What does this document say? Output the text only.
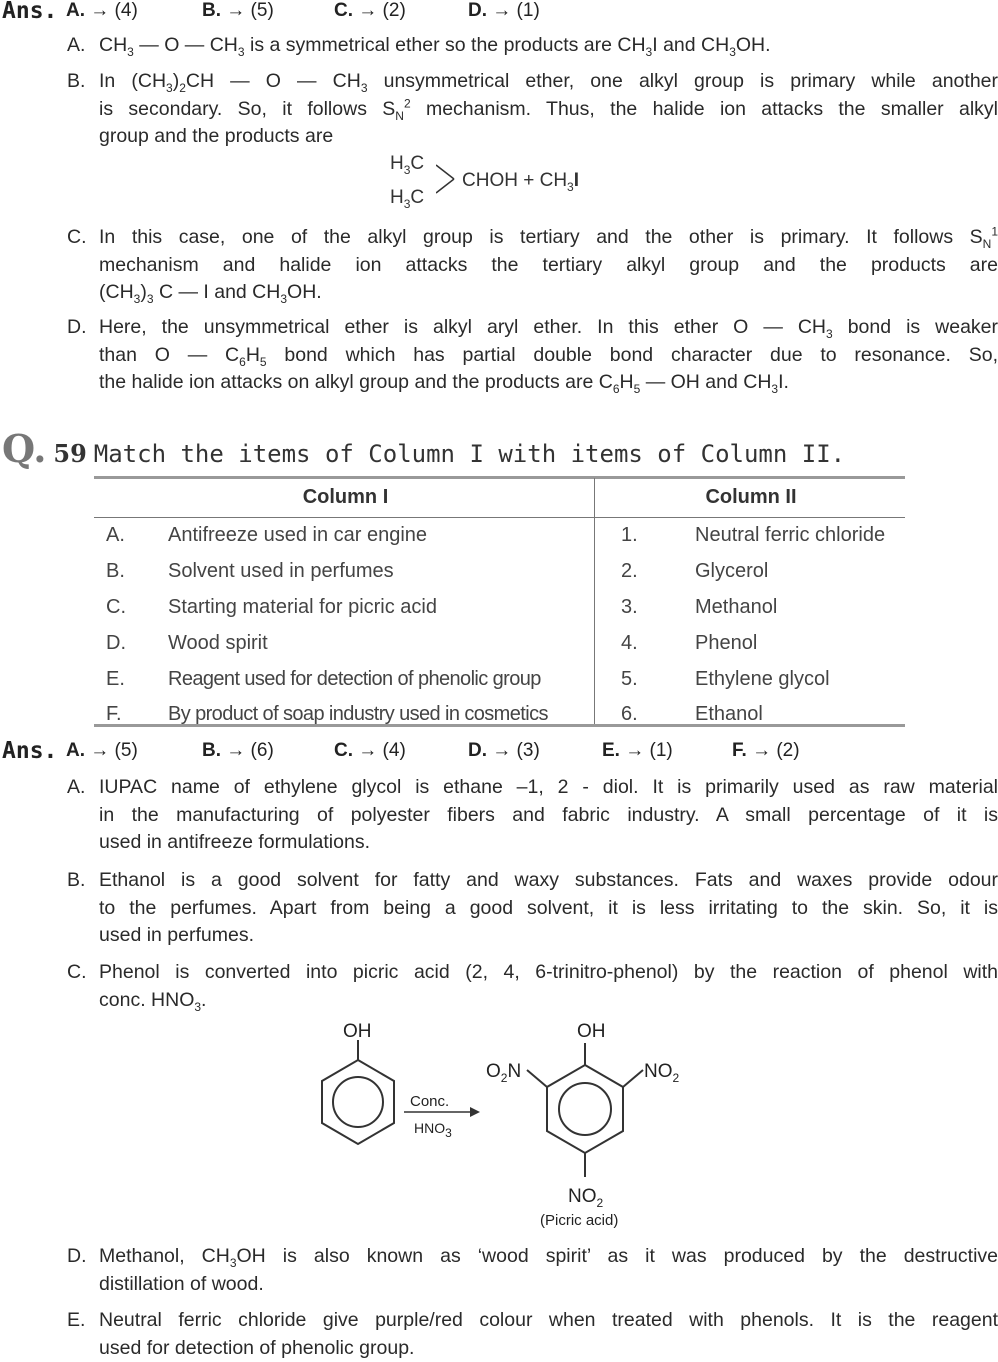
Ans. A. → (4)	B. → (5)	C. → (2)	D. → (1)
A. $CH_3$ — O — $CH_3$ is a symmetrical ether so the products are $CH_3I$ and $CH_3OH$.
B. In $(CH_3)_2CH$ — O — $CH_3$ unsymmetrical ether, one alkyl group is primary while another
is secondary. So, it follows $S_N^2$ mechanism. Thus, the halide ion attacks the smaller alkyl
group and the products are
$H_3C$
$H_3C$
CHOH + $CH_3I$
C. In this case, one of the alkyl group is tertiary and the other is primary. It follows $S_N^1$
mechanism and halide ion attacks the tertiary alkyl group and the products are
$(CH_3)_3$ C — I and $CH_3OH$.
D. Here, the unsymmetrical ether is alkyl aryl ether. In this ether O — $CH_3$ bond is weaker
than O — $C_6H_5$ bond which has partial double bond character due to resonance. So,
the halide ion attacks on alkyl group and the products are $C_6H_5$ — OH and $CH_3I$.
Q. 59 Match the items of Column I with items of Column II.
Column I		Column II	
A.	Antifreeze used in car engine	1.	Neutral ferric chloride
B.	Solvent used in perfumes	2.	Glycerol
C.	Starting material for picric acid	3.	Methanol
D.	Wood spirit	4.	Phenol
E.	Reagent used for detection of phenolic group	5.	Ethylene glycol
F.	By product of soap industry used in cosmetics	6.	Ethanol
Ans. A. → (5)	B. → (6)	C. → (4)	D. → (3)	E. → (1)	F. → (2)
A. IUPAC name of ethylene glycol is ethane –1, 2 - diol. It is primarily used as raw material
in the manufacturing of polyester fibers and fabric industry. A small percentage of it is
used in antifreeze formulations.
B. Ethanol is a good solvent for fatty and waxy substances. Fats and waxes provide odour
to the perfumes. Apart from being a good solvent, it is less irritating to the skin. So, it is
used in perfumes.
C. Phenol is converted into picric acid (2, 4, 6-trinitro-phenol) by the reaction of phenol with
conc. $HNO_3$.
OH
Conc.
$HNO_3$
OH
$O_2N$	$NO_2$
$NO_2$
(Picric acid)
D. Methanol, $CH_3OH$ is also known as ‘wood spirit’ as it was produced by the destructive
distillation of wood.
E. Neutral ferric chloride give purple/red colour when treated with phenols. It is the reagent
used for detection of phenolic group.
